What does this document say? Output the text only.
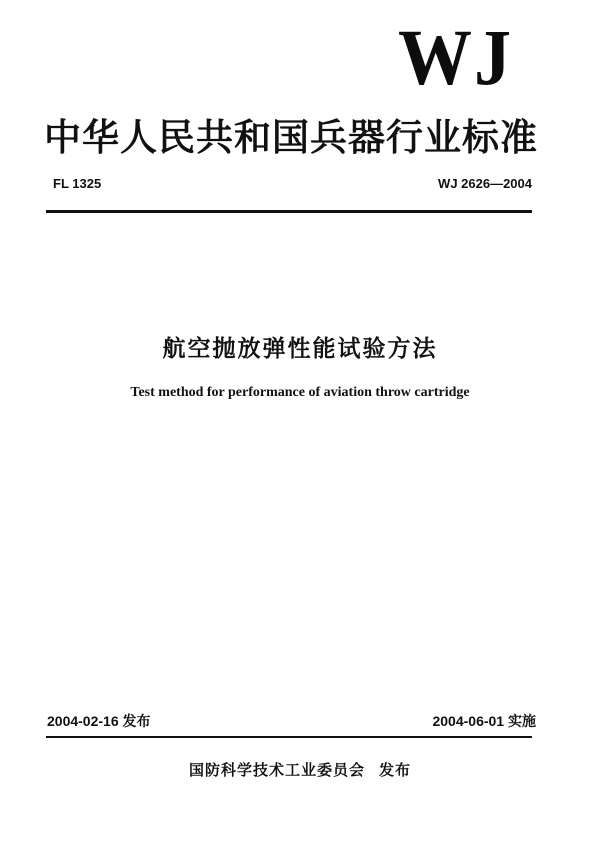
WJ
中华人民共和国兵器行业标准
FL 1325	WJ 2626—2004
航空抛放弹性能试验方法
Test method for performance of aviation throw cartridge
2004-02-16 发布	2004-06-01 实施
国防科学技术工业委员会 发布
